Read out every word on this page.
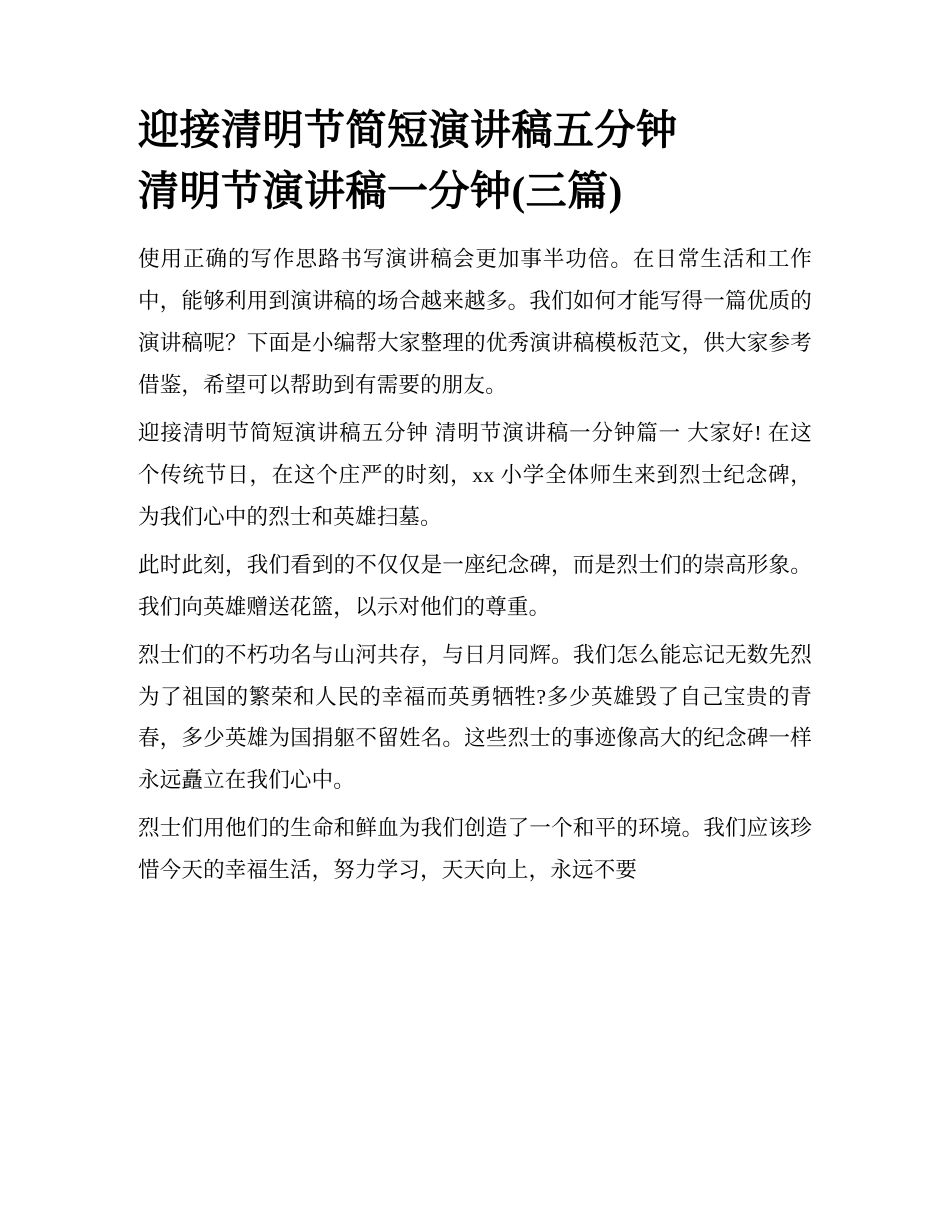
迎接清明节简短演讲稿五分钟
清明节演讲稿一分钟(三篇)

使用正确的写作思路书写演讲稿会更加事半功倍。在日常生活和工作中，能够利用到演讲稿的场合越来越多。我们如何才能写得一篇优质的演讲稿呢？下面是小编帮大家整理的优秀演讲稿模板范文，供大家参考借鉴，希望可以帮助到有需要的朋友。

迎接清明节简短演讲稿五分钟 清明节演讲稿一分钟篇一 大家好! 在这个传统节日，在这个庄严的时刻，xx 小学全体师生来到烈士纪念碑，为我们心中的烈士和英雄扫墓。

此时此刻，我们看到的不仅仅是一座纪念碑，而是烈士们的崇高形象。我们向英雄赠送花篮，以示对他们的尊重。

烈士们的不朽功名与山河共存，与日月同辉。我们怎么能忘记无数先烈为了祖国的繁荣和人民的幸福而英勇牺牲?多少英雄毁了自己宝贵的青春，多少英雄为国捐躯不留姓名。这些烈士的事迹像高大的纪念碑一样永远矗立在我们心中。

烈士们用他们的生命和鲜血为我们创造了一个和平的环境。我们应该珍惜今天的幸福生活，努力学习，天天向上，永远不要
